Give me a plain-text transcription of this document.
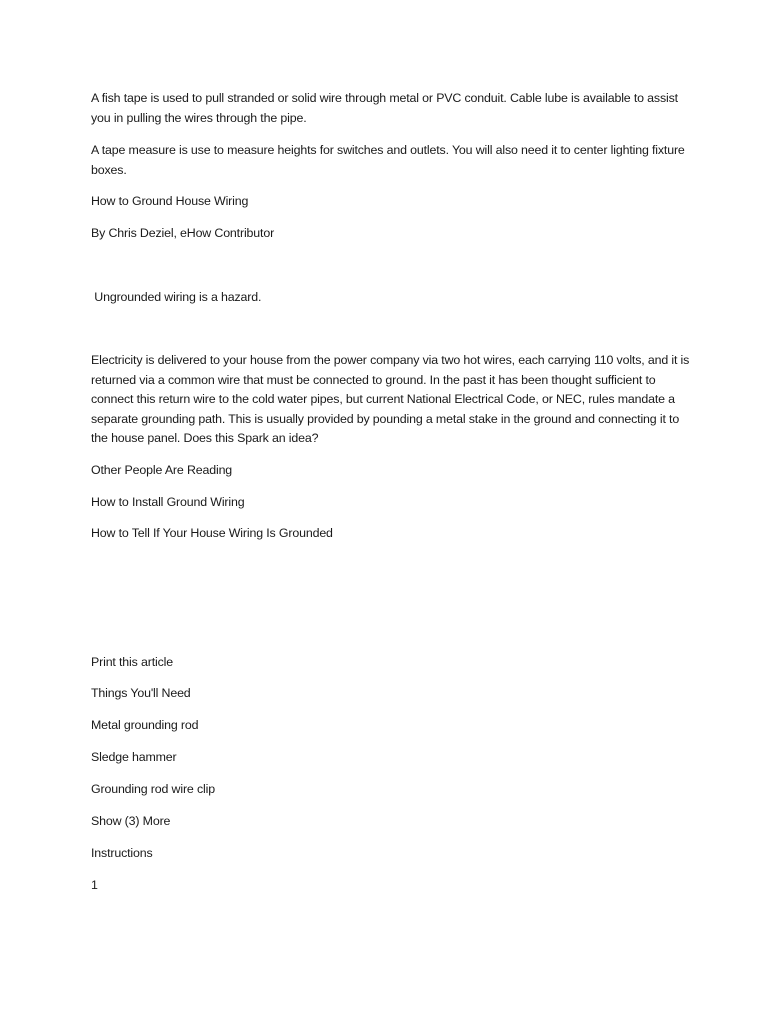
A fish tape is used to pull stranded or solid wire through metal or PVC conduit. Cable lube is available to assist you in pulling the wires through the pipe.

A tape measure is use to measure heights for switches and outlets. You will also need it to center lighting fixture boxes.

How to Ground House Wiring

By Chris Deziel, eHow Contributor

Ungrounded wiring is a hazard.

Electricity is delivered to your house from the power company via two hot wires, each carrying 110 volts, and it is returned via a common wire that must be connected to ground. In the past it has been thought sufficient to connect this return wire to the cold water pipes, but current National Electrical Code, or NEC, rules mandate a separate grounding path. This is usually provided by pounding a metal stake in the ground and connecting it to the house panel. Does this Spark an idea?

Other People Are Reading

How to Install Ground Wiring

How to Tell If Your House Wiring Is Grounded

Print this article

Things You'll Need

Metal grounding rod

Sledge hammer

Grounding rod wire clip

Show (3) More

Instructions

1
